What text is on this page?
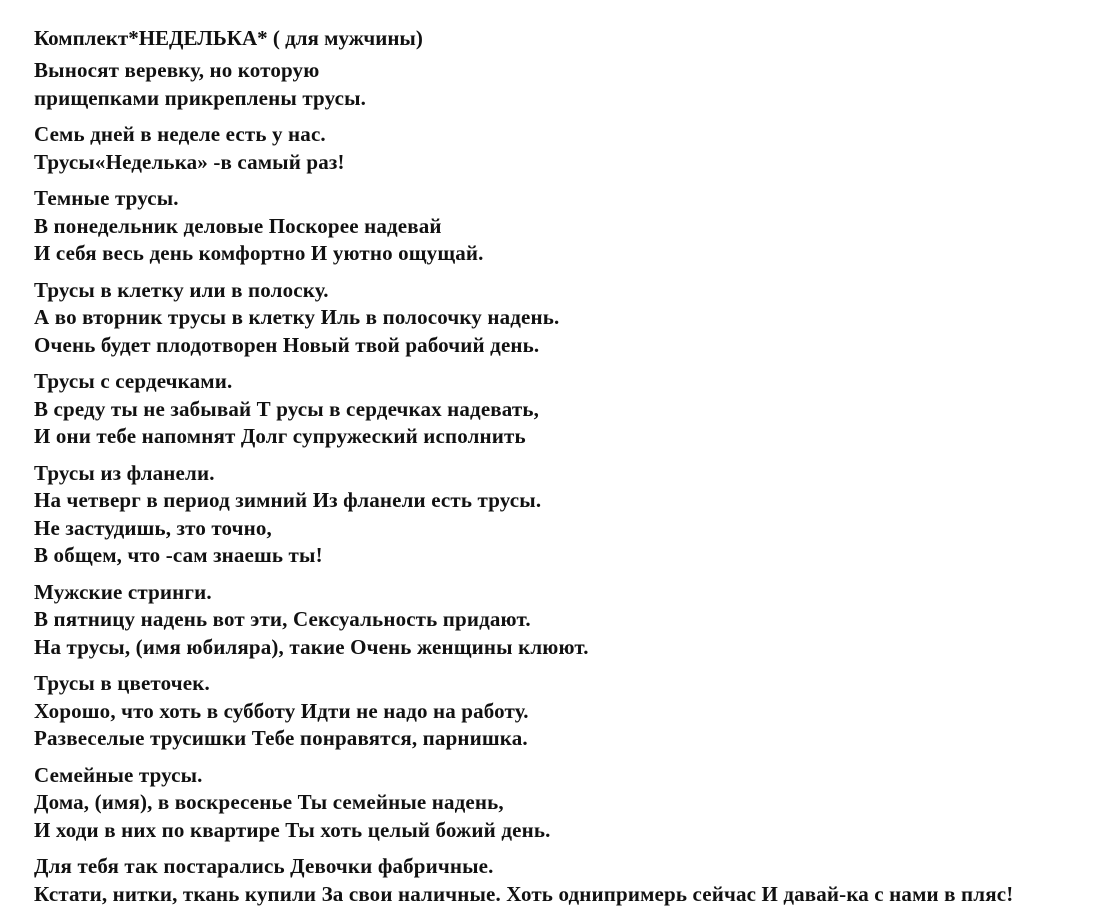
Комплект*НЕДЕЛЬКА* ( для мужчины)
Выносят веревку, но которую
прищепками прикреплены трусы.
Семь дней в неделе есть у нас.
Трусы«Неделька» -в самый раз!
Темные трусы.
В понедельник деловые Поскорее надевай
И себя весь день комфортно И уютно ощущай.
Трусы в клетку или в полоску.
А во вторник трусы в клетку Иль в полосочку надень.
Очень будет плодотворен Новый твой рабочий день.
Трусы с сердечками.
В среду ты не забывай Т русы в сердечках надевать,
И они тебе напомнят Долг супружеский исполнить
Трусы из фланели.
На четверг в период зимний Из фланели есть трусы.
Не застудишь, зто точно,
В общем, что -сам знаешь ты!
Мужские стринги.
В пятницу надень вот эти, Сексуальность придают.
На трусы, (имя юбиляра), такие Очень женщины клюют.
Трусы в цветочек.
Хорошо, что хоть в субботу Идти не надо на работу.
Развеселые трусишки Тебе понравятся, парнишка.
Семейные трусы.
Дома, (имя), в воскресенье Ты семейные надень,
И ходи в них по квартире Ты хоть целый божий день.
Для тебя так постарались Девочки фабричные.
Кстати, нитки, ткань купили За свои наличные. Хоть однипримерь сейчас И давай-ка с нами в пляс!
